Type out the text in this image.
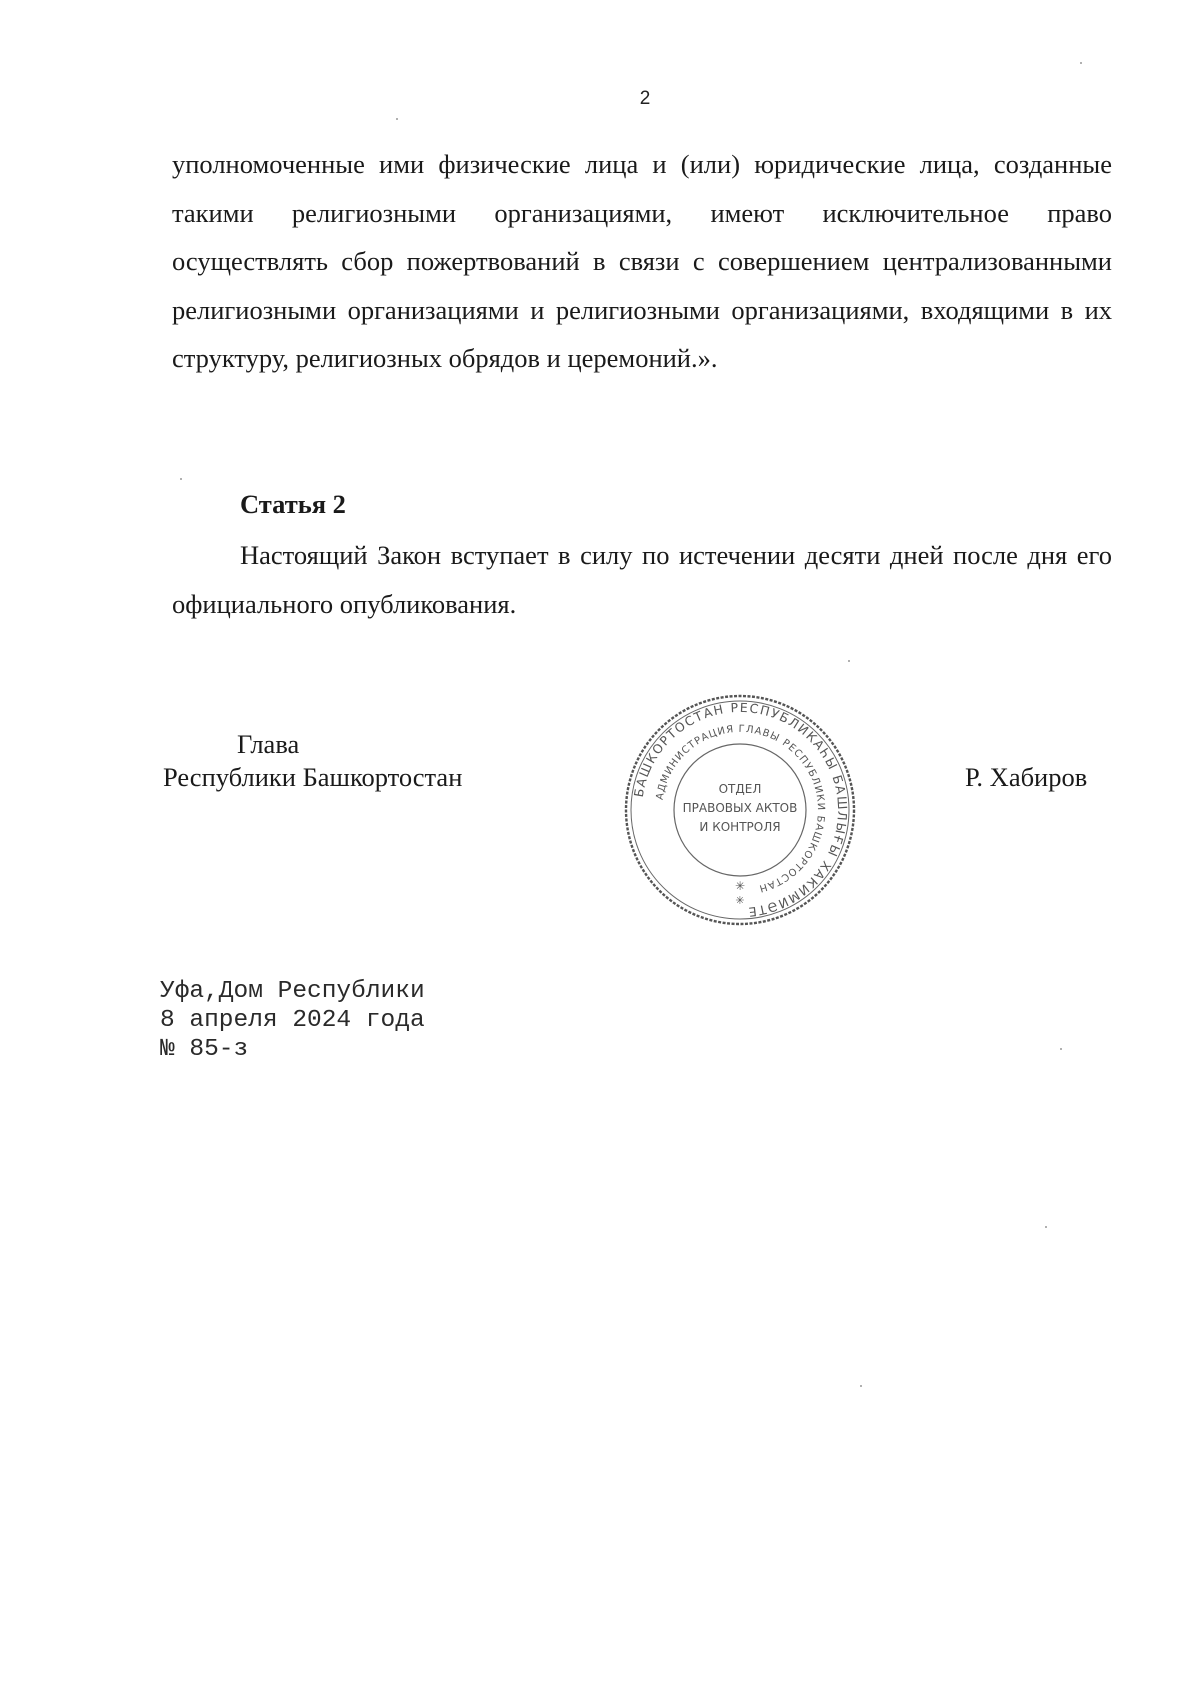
2
уполномоченные ими физические лица и (или) юридические лица, созданные такими религиозными организациями, имеют исключительное право осуществлять сбор пожертвований в связи с совершением централизованными религиозными организациями и религиозными организациями, входящими в их структуру, религиозных обрядов и церемоний.».
Статья 2
Настоящий Закон вступает в силу по истечении десяти дней после дня его официального опубликования.
Глава
Республики Башкортостан	БАШКОРТОСТАН РЕСПУБЛИКАҺЫ БАШЛЫҒЫ ХАКИМИӘТЕ
АДМИНИСТРАЦИЯ ГЛАВЫ РЕСПУБЛИКИ БАШКОРТОСТАН
ОТДЕЛ
ПРАВОВЫХ АКТОВ
И КОНТРОЛЯ
✳
✳
Р. Хабиров
Уфа,Дом Республики
8 апреля 2024 года
№ 85-з
